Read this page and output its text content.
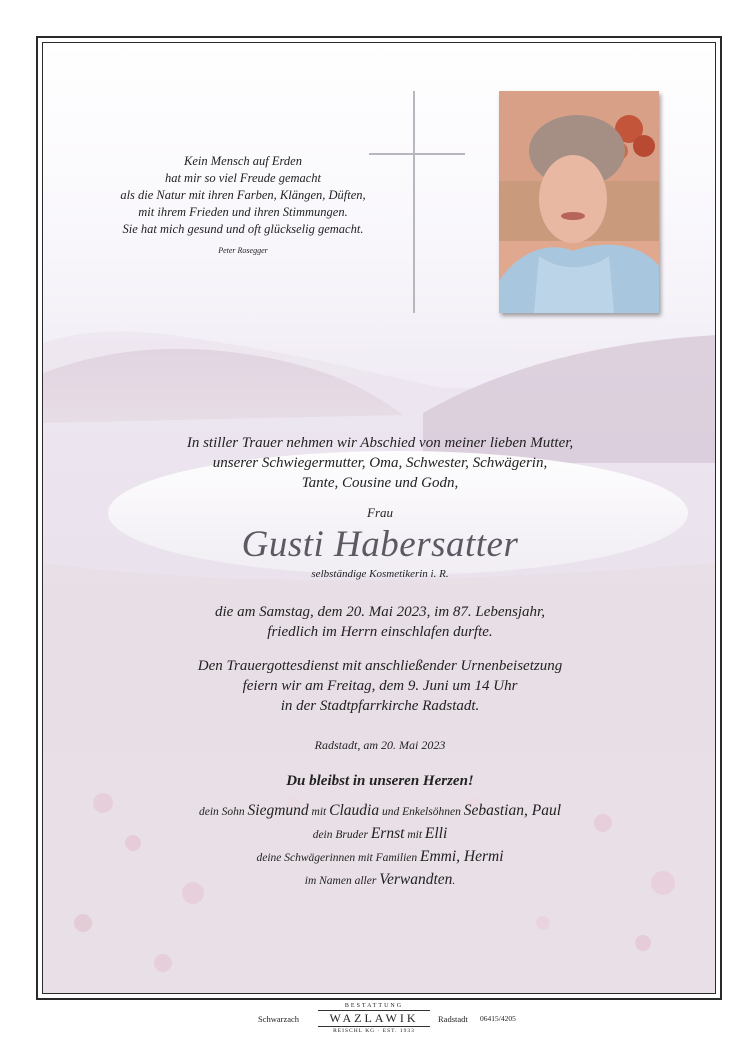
Kein Mensch auf Erden
hat mir so viel Freude gemacht
als die Natur mit ihren Farben, Klängen, Düften,
mit ihrem Frieden und ihren Stimmungen.
Sie hat mich gesund und oft glückselig gemacht.
Peter Rosegger
In stiller Trauer nehmen wir Abschied von meiner lieben Mutter,
unserer Schwiegermutter, Oma, Schwester, Schwägerin,
Tante, Cousine und Godn,
Frau
Gusti Habersatter
selbständige Kosmetikerin i. R.
die am Samstag, dem 20. Mai 2023, im 87. Lebensjahr,
friedlich im Herrn einschlafen durfte.
Den Trauergottesdienst mit anschließender Urnenbeisetzung
feiern wir am Freitag, dem 9. Juni um 14 Uhr
in der Stadtpfarrkirche Radstadt.
Radstadt, am 20. Mai 2023
Du bleibst in unseren Herzen!
dein Sohn Siegmund mit Claudia und Enkelsöhnen Sebastian, Paul
dein Bruder Ernst mit Elli
deine Schwägerinnen mit Familien Emmi, Hermi
im Namen aller Verwandten.
Schwarzach
BESTATTUNG
WAZLAWIK
REISCHL KG · EST. 1933
Radstadt 06415/4205
